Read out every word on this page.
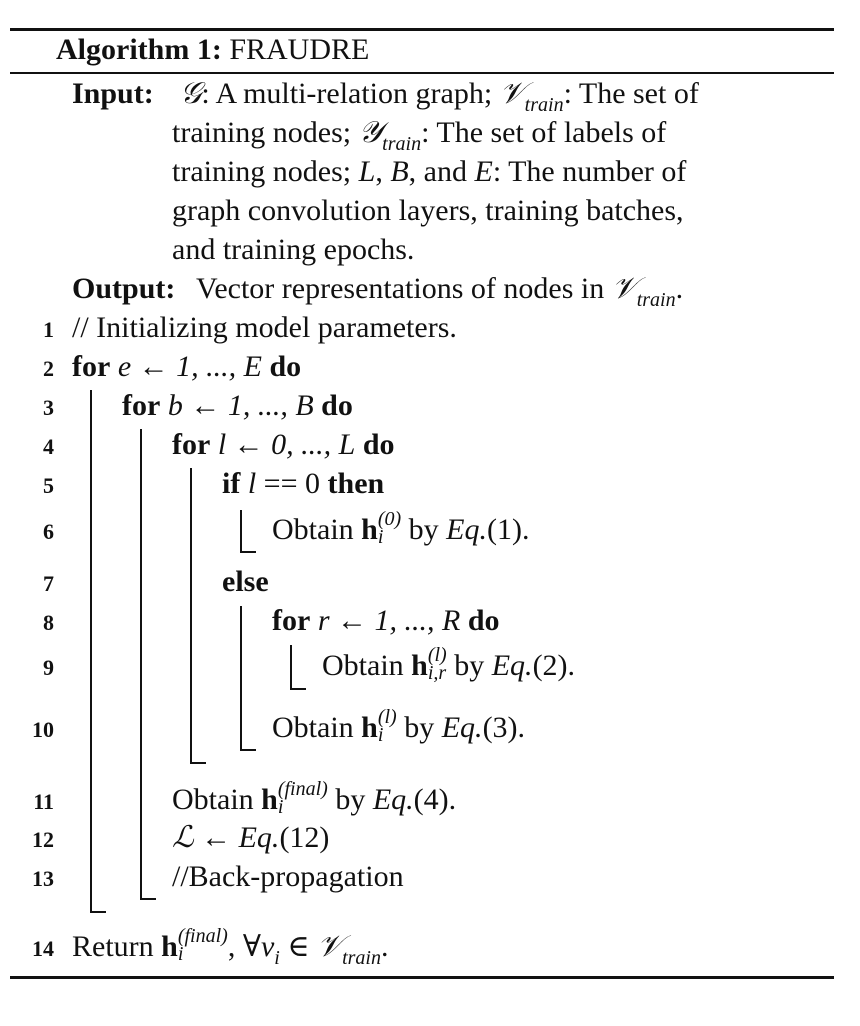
Algorithm 1: FRAUDRE
Input: 𝒢: A multi-relation graph; 𝒱$_{train}$: The set of
training nodes; 𝒴$_{train}$: The set of labels of
training nodes; L, B, and E: The number of
graph convolution layers, training batches,
and training epochs.
Output: Vector representations of nodes in 𝒱$_{train}$.
1
2
3
4
5
6
7
8
9
10
11
12
13
14
// Initializing model parameters.
for e ← 1, ..., E do
for b ← 1, ..., B do
for l ← 0, ..., L do
if l == 0 then
Obtain h (0)
i by Eq.(1).
else
for r ← 1, ..., R do
Obtain h (l)
i,r by Eq.(2).
Obtain h (l)
i by Eq.(3).
Obtain h (final)
i	by Eq.(4).
ℒ ← Eq.(12)
//Back-propagation
Return h (final)
i	, $\forall v_i$ ∈ 𝒱$_{train}$.
